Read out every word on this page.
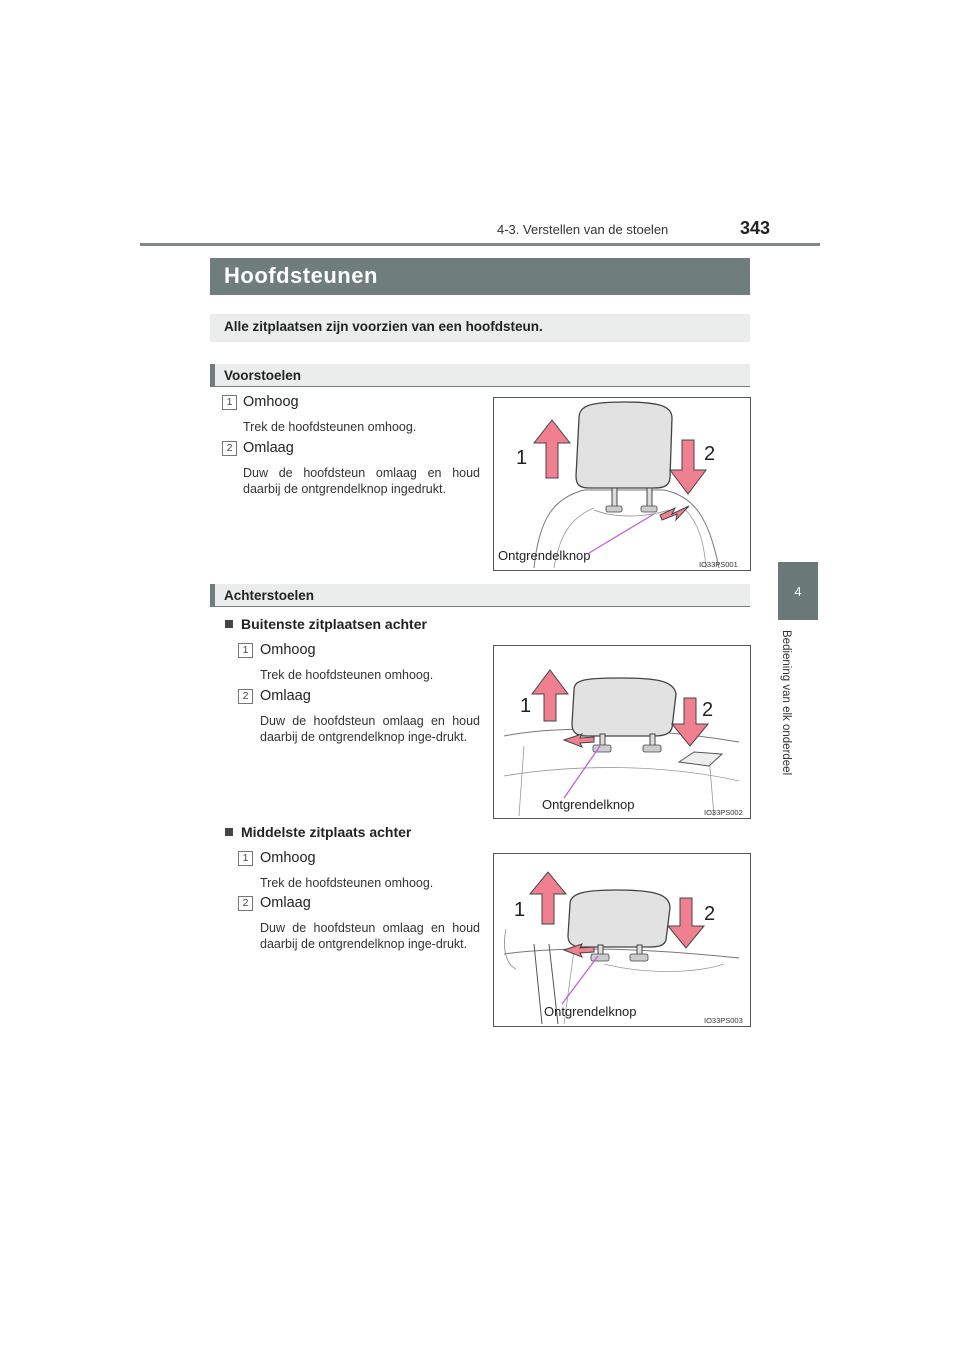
4-3. Verstellen van de stoelen	343
4
Bediening van elk onderdeel
Hoofdsteunen
Alle zitplaatsen zijn voorzien van een hoofdsteun.
Voorstoelen
1 Omhoog
Trek de hoofdsteunen omhoog.
2 Omlaag
Duw de hoofdsteun omlaag en houd daarbij de ontgrendelknop ingedrukt.
1	2
Ontgrendelknop
IO33PS001
Achterstoelen
Buitenste zitplaatsen achter
1 Omhoog
Trek de hoofdsteunen omhoog.
2 Omlaag
Duw de hoofdsteun omlaag en houd daarbij de ontgrendelknop inge-drukt.
1	2
Ontgrendelknop
IO33PS002
Middelste zitplaats achter
1 Omhoog
Trek de hoofdsteunen omhoog.
2 Omlaag
Duw de hoofdsteun omlaag en houd daarbij de ontgrendelknop inge-drukt.
1	2
Ontgrendelknop
IO33PS003
